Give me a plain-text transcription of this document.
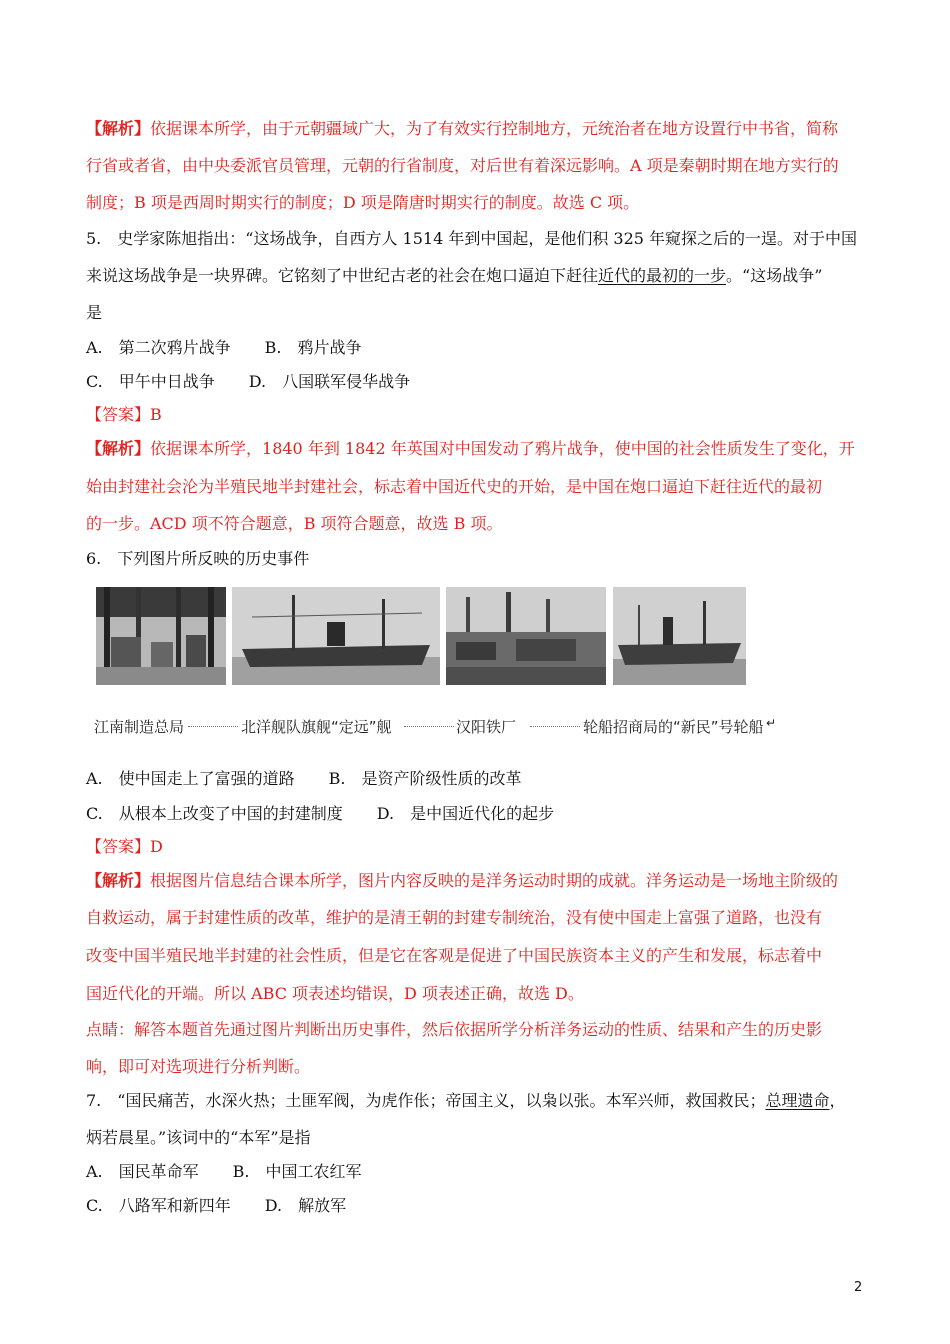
【解析】依据课本所学，由于元朝疆域广大，为了有效实行控制地方，元统治者在地方设置行中书省，简称
行省或者省，由中央委派官员管理，元朝的行省制度，对后世有着深远影响。A 项是秦朝时期在地方实行的
制度；B 项是西周时期实行的制度；D 项是隋唐时期实行的制度。故选 C 项。
5.　史学家陈旭指出：“这场战争，自西方人 1514 年到中国起，是他们积 325 年窥探之后的一逞。对于中国
来说这场战争是一块界碑。它铭刻了中世纪古老的社会在炮口逼迫下赶往近代的最初的一步。“这场战争”
是
A.　第二次鸦片战争 B.　鸦片战争
C.　甲午中日战争 D.　八国联军侵华战争
【答案】B
【解析】依据课本所学，1840 年到 1842 年英国对中国发动了鸦片战争，使中国的社会性质发生了变化，开
始由封建社会沦为半殖民地半封建社会，标志着中国近代史的开始，是中国在炮口逼迫下赶往近代的最初
的一步。ACD 项不符合题意，B 项符合题意，故选 B 项。
6.　下列图片所反映的历史事件
江南制造总局	北洋舰队旗舰“定远”舰	汉阳铁厂	轮船招商局的“新民”号轮船 ↵
A.　使中国走上了富强的道路 B.　是资产阶级性质的改革
C.　从根本上改变了中国的封建制度 D.　是中国近代化的起步
【答案】D
【解析】根据图片信息结合课本所学，图片内容反映的是洋务运动时期的成就。洋务运动是一场地主阶级的
自救运动，属于封建性质的改革，维护的是清王朝的封建专制统治，没有使中国走上富强了道路，也没有
改变中国半殖民地半封建的社会性质，但是它在客观是促进了中国民族资本主义的产生和发展，标志着中
国近代化的开端。所以 ABC 项表述均错误，D 项表述正确，故选 D。
点睛：解答本题首先通过图片判断出历史事件，然后依据所学分析洋务运动的性质、结果和产生的历史影
响，即可对选项进行分析判断。
7.　“国民痛苦，水深火热；土匪军阀，为虎作伥；帝国主义，以枭以张。本军兴师，救国救民；总理遗命，
炳若晨星。”该词中的“本军”是指
A.　国民革命军 B.　中国工农红军
C.　八路军和新四年 D.　解放军
2
